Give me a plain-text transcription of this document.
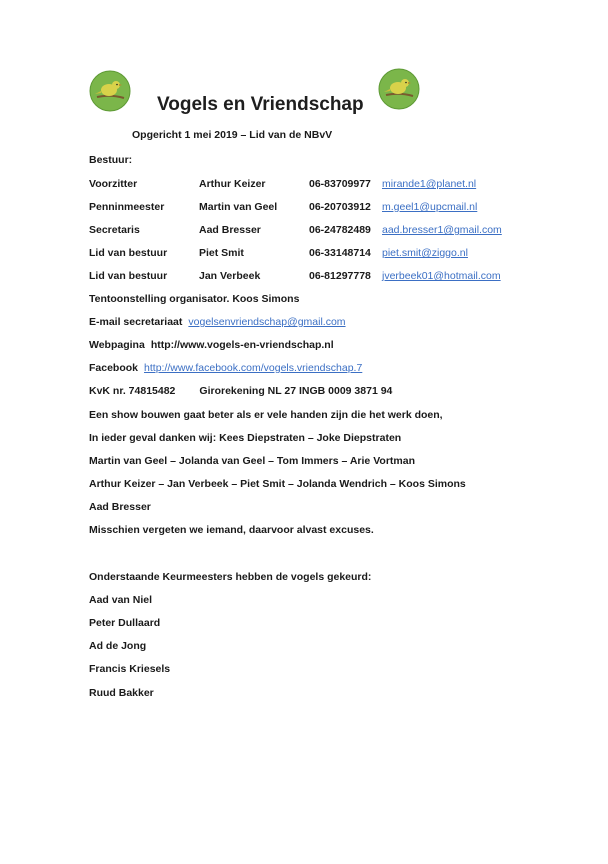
Vogels en Vriendschap
Opgericht 1 mei 2019 – Lid van de NBvV
Bestuur:
Voorzitter	Arthur Keizer	06-83709977 mirande1@planet.nl
Penninmeester	Martin van Geel	06-20703912 m.geel1@upcmail.nl
Secretaris	Aad Bresser	06-24782489 aad.bresser1@gmail.com
Lid van bestuur	Piet Smit	06-33148714 piet.smit@ziggo.nl
Lid van bestuur	Jan Verbeek	06-81297778 jverbeek01@hotmail.com
Tentoonstelling organisator. Koos Simons
E-mail secretariaat vogelsenvriendschap@gmail.com
Webpagina http://www.vogels-en-vriendschap.nl
Facebook http://www.facebook.com/vogels.vriendschap.7
KvK nr. 74815482 Girorekening NL 27 INGB 0009 3871 94
Een show bouwen gaat beter als er vele handen zijn die het werk doen,
In ieder geval danken wij: Kees Diepstraten – Joke Diepstraten
Martin van Geel – Jolanda van Geel – Tom Immers – Arie Vortman
Arthur Keizer – Jan Verbeek – Piet Smit – Jolanda Wendrich – Koos Simons
Aad Bresser
Misschien vergeten we iemand, daarvoor alvast excuses.
Onderstaande Keurmeesters hebben de vogels gekeurd:
Aad van Niel
Peter Dullaard
Ad de Jong
Francis Kriesels
Ruud Bakker
